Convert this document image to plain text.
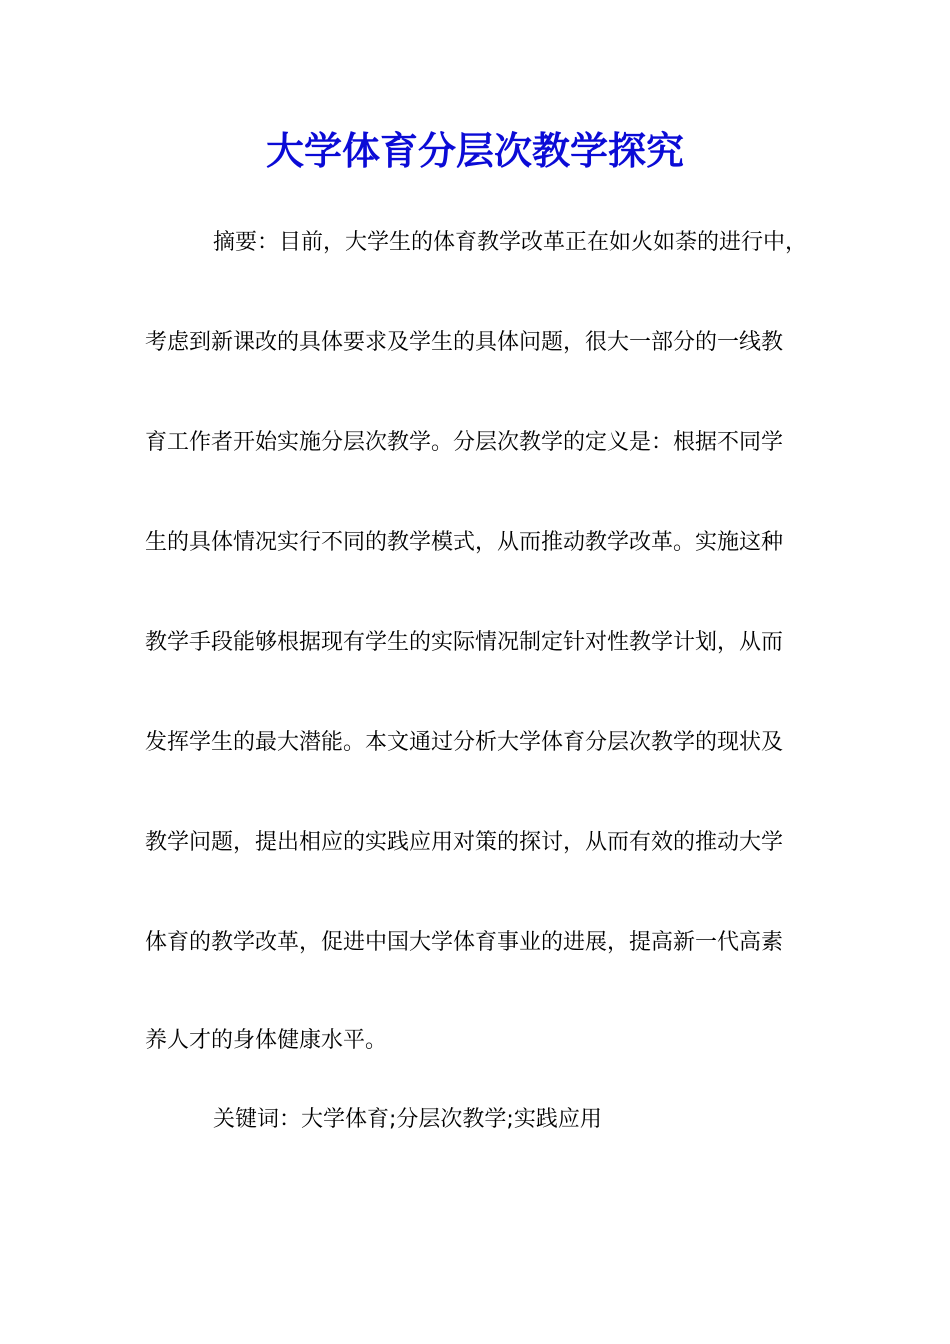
大学体育分层次教学探究

摘要：目前，大学生的体育教学改革正在如火如荼的进行中，

考虑到新课改的具体要求及学生的具体问题，很大一部分的一线教

育工作者开始实施分层次教学。分层次教学的定义是：根据不同学

生的具体情况实行不同的教学模式，从而推动教学改革。实施这种

教学手段能够根据现有学生的实际情况制定针对性教学计划，从而

发挥学生的最大潜能。本文通过分析大学体育分层次教学的现状及

教学问题，提出相应的实践应用对策的探讨，从而有效的推动大学

体育的教学改革，促进中国大学体育事业的进展，提高新一代高素

养人才的身体健康水平。

关键词：大学体育;分层次教学;实践应用
